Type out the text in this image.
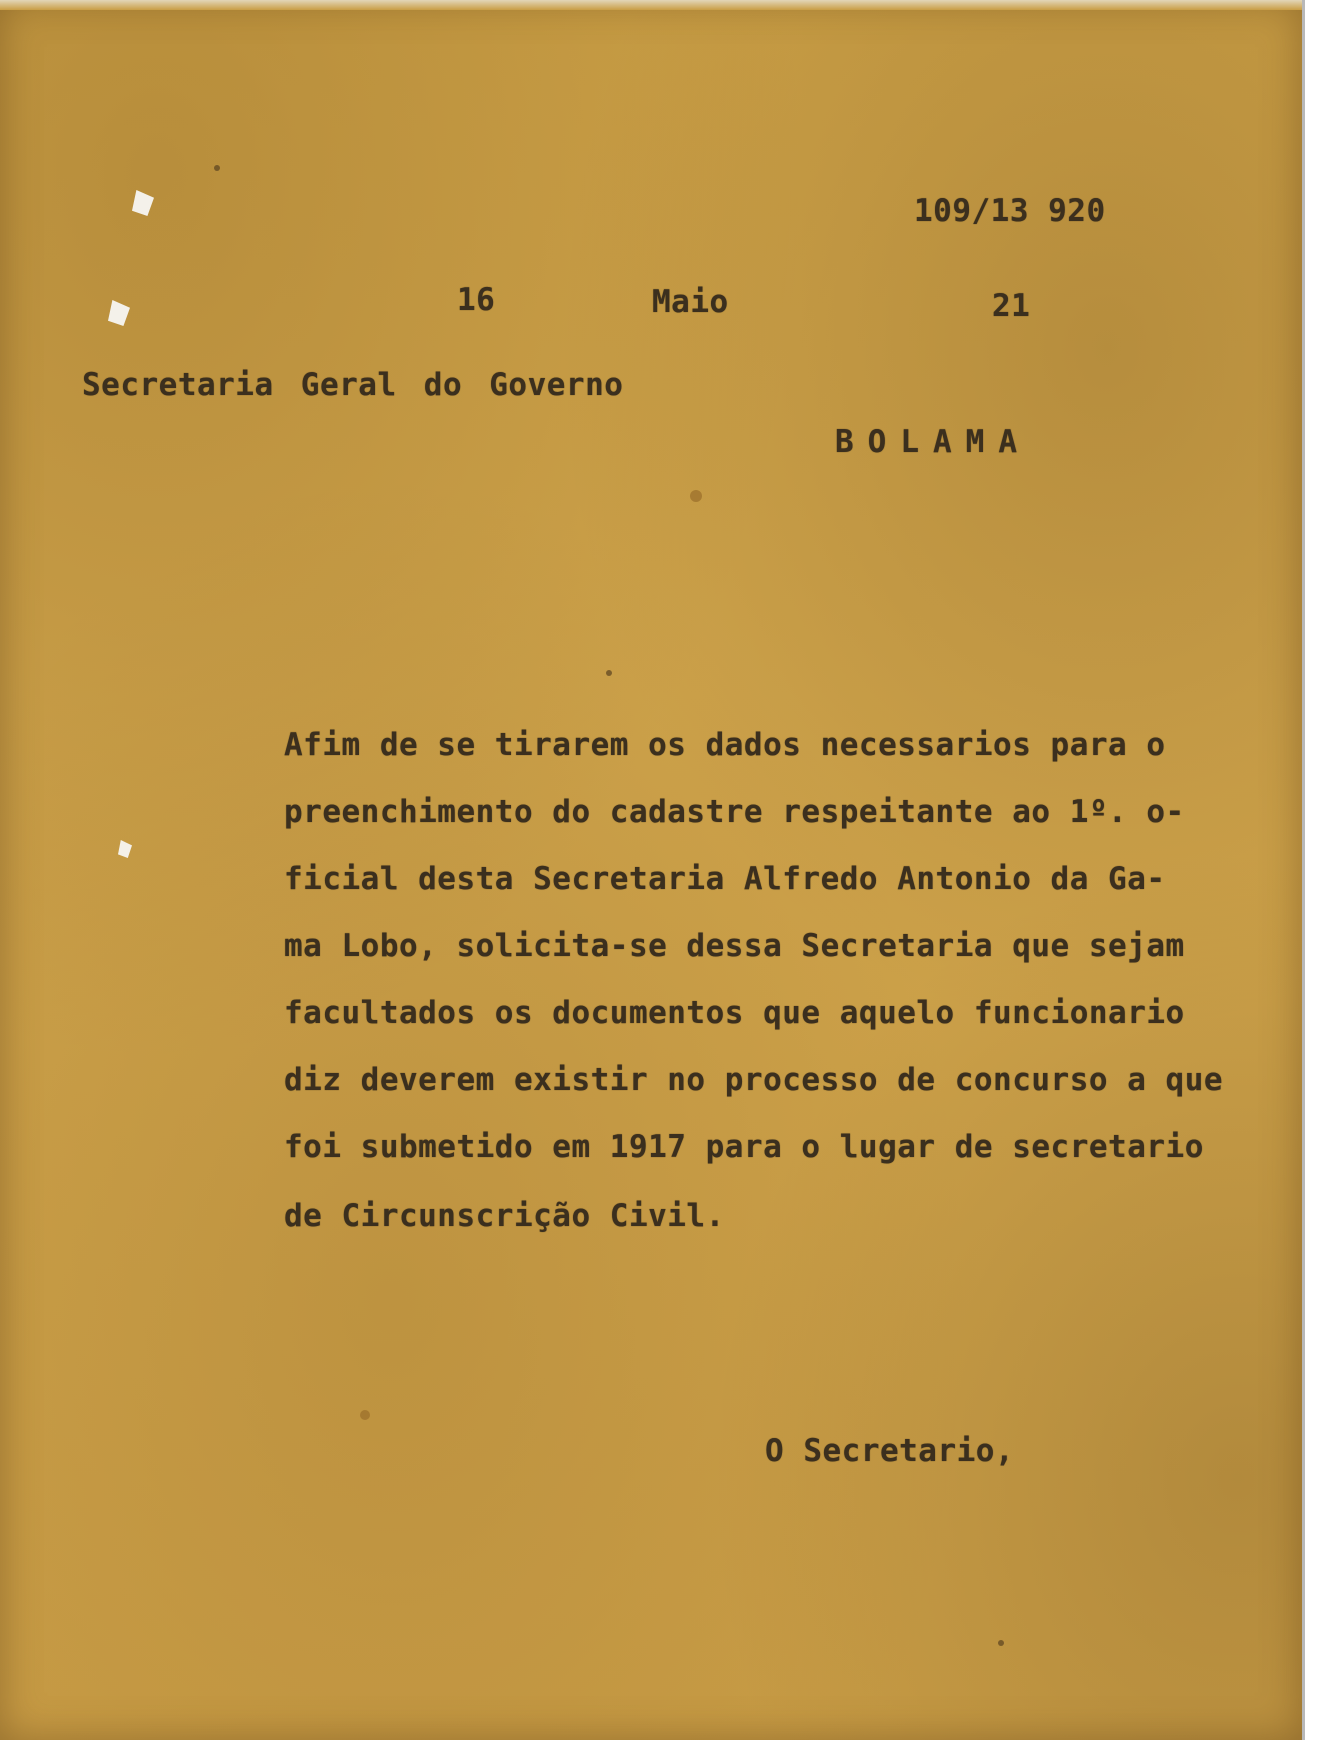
109/13 920
16	Maio	21
Secretaria Geral do Governo
BOLAMA
Afim de se tirarem os dados necessarios para o
preenchimento do cadastre respeitante ao 1º. o-
ficial desta Secretaria Alfredo Antonio da Ga-
ma Lobo, solicita-se dessa Secretaria que sejam
facultados os documentos que aquelo funcionario
diz deverem existir no processo de concurso a que
foi submetido em 1917 para o lugar de secretario
de Circunscrição Civil.
O Secretario,
